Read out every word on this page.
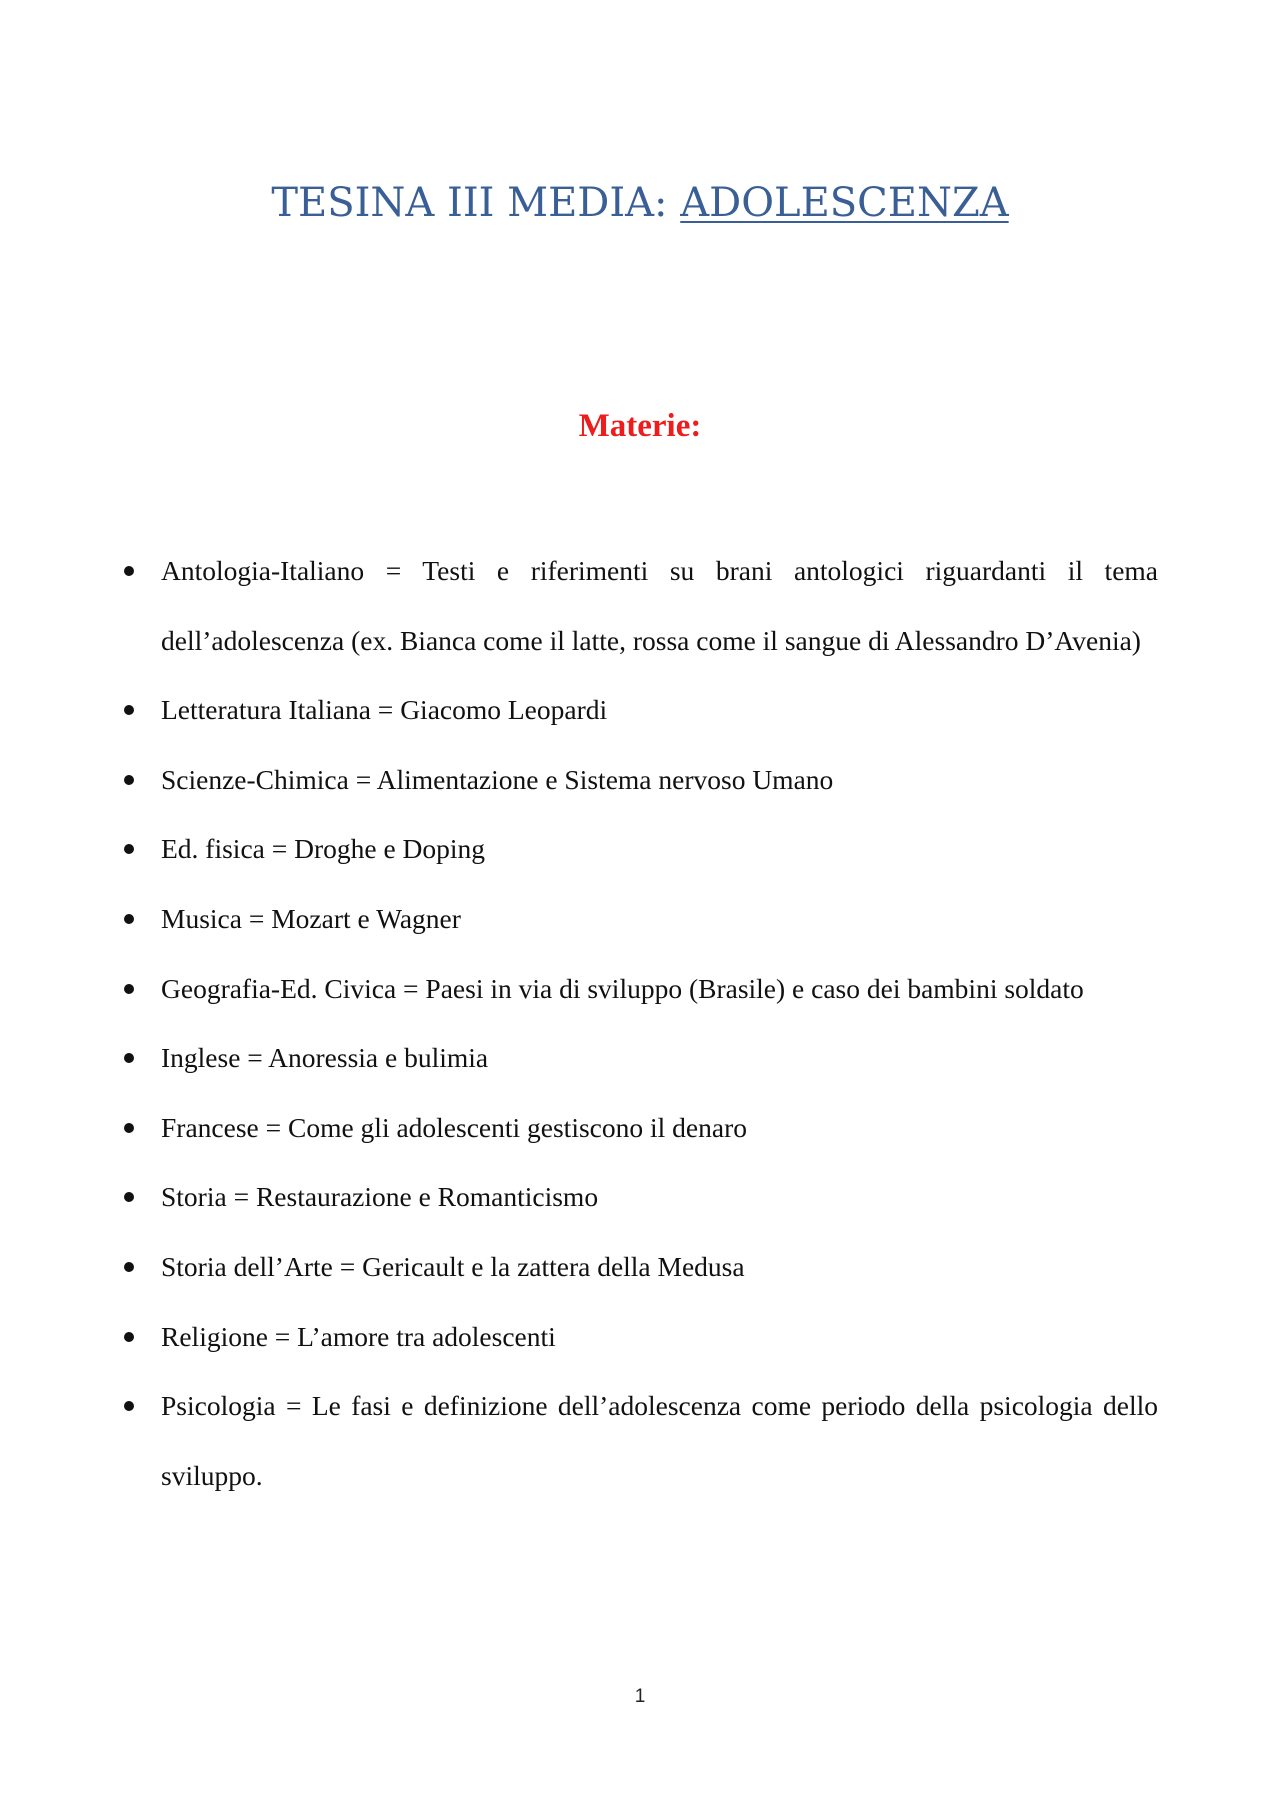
TESINA III MEDIA: ADOLESCENZA
Materie:
Antologia-Italiano = Testi e riferimenti su brani antologici riguardanti il tema dell’adolescenza (ex. Bianca come il latte, rossa come il sangue di Alessandro D’Avenia)
Letteratura Italiana = Giacomo Leopardi
Scienze-Chimica = Alimentazione e Sistema nervoso Umano
Ed. fisica = Droghe e Doping
Musica = Mozart e Wagner
Geografia-Ed. Civica = Paesi in via di sviluppo (Brasile) e caso dei bambini soldato
Inglese = Anoressia e bulimia
Francese = Come gli adolescenti gestiscono il denaro
Storia = Restaurazione e Romanticismo
Storia dell’Arte = Gericault e la zattera della Medusa
Religione = L’amore tra adolescenti
Psicologia = Le fasi e definizione dell’adolescenza come periodo della psicologia dello sviluppo.
1
